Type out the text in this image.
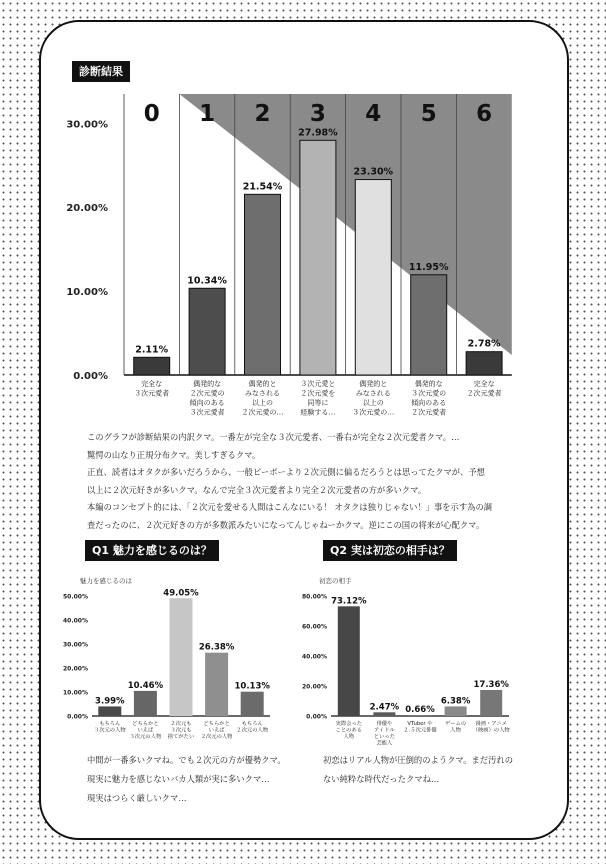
診断結果
0.00%
10.00%
20.00%
30.00% 0
2.11%
完全な３次元愛者
1
10.34%
偶発的な２次元愛の傾向のある３次元愛者
2
21.54%
偶発的とみなされる以上の２次元愛の…
3
27.98%
３次元愛と２次元愛を同等に経験する…
4
23.30%
偶発的とみなされる以上の３次元愛の…
5
11.95%
偶発的な３次元愛の傾向のある２次元愛者
6
2.78%
完全な２次元愛者
このグラフが診断結果の内訳クマ。一番左が完全な３次元愛者、一番右が完全な２次元愛者クマ。…
驚愕の山なり正規分布クマ。美しすぎるクマ。
正直、読者はオタクが多いだろうから、一般ピーポーより２次元側に偏るだろうとは思ってたクマが、予想
以上に２次元好きが多いクマ。なんで完全３次元愛者より完全２次元愛者の方が多いクマ。
本編のコンセプト的には、「２次元を愛せる人間はこんなにいる！ オタクは独りじゃない！」事を示す為の調
査だったのに、２次元好きの方が多数派みたいになってんじゃねーかクマ。逆にこの国の将来が心配クマ。
Q1 魅力を感じるのは？	Q2 実は初恋の相手は？
魅力を感じるのは
0.00%
10.00%
20.00%
30.00%
40.00%
50.00%
3.99%
もちろん３次元の人物
10.46%
どちらかといえば３次元の人物
49.05%
２次元も３次元も捨てがたい
26.38%
どちらかといえば２次元の人物
10.13%
もちろん２次元の人物
初恋の相手
0.00%
20.00%
40.00%
60.00%
80.00% 73.12%
実際会ったことのある人物
2.47%
俳優やアイドルといった芸能人
0.66%
VTuber や２.５次元俳優
6.38%
ゲームの人物
17.36%
漫画・アニメ（映画）の人物
中間が一番多いクマね。でも２次元の方が優勢クマ。
現実に魅力を感じないバカ人類が実に多いクマ…
現実はつらく厳しいクマ…
初恋はリアル人物が圧倒的のようクマ。まだ汚れの
ない純粋な時代だったクマね…
